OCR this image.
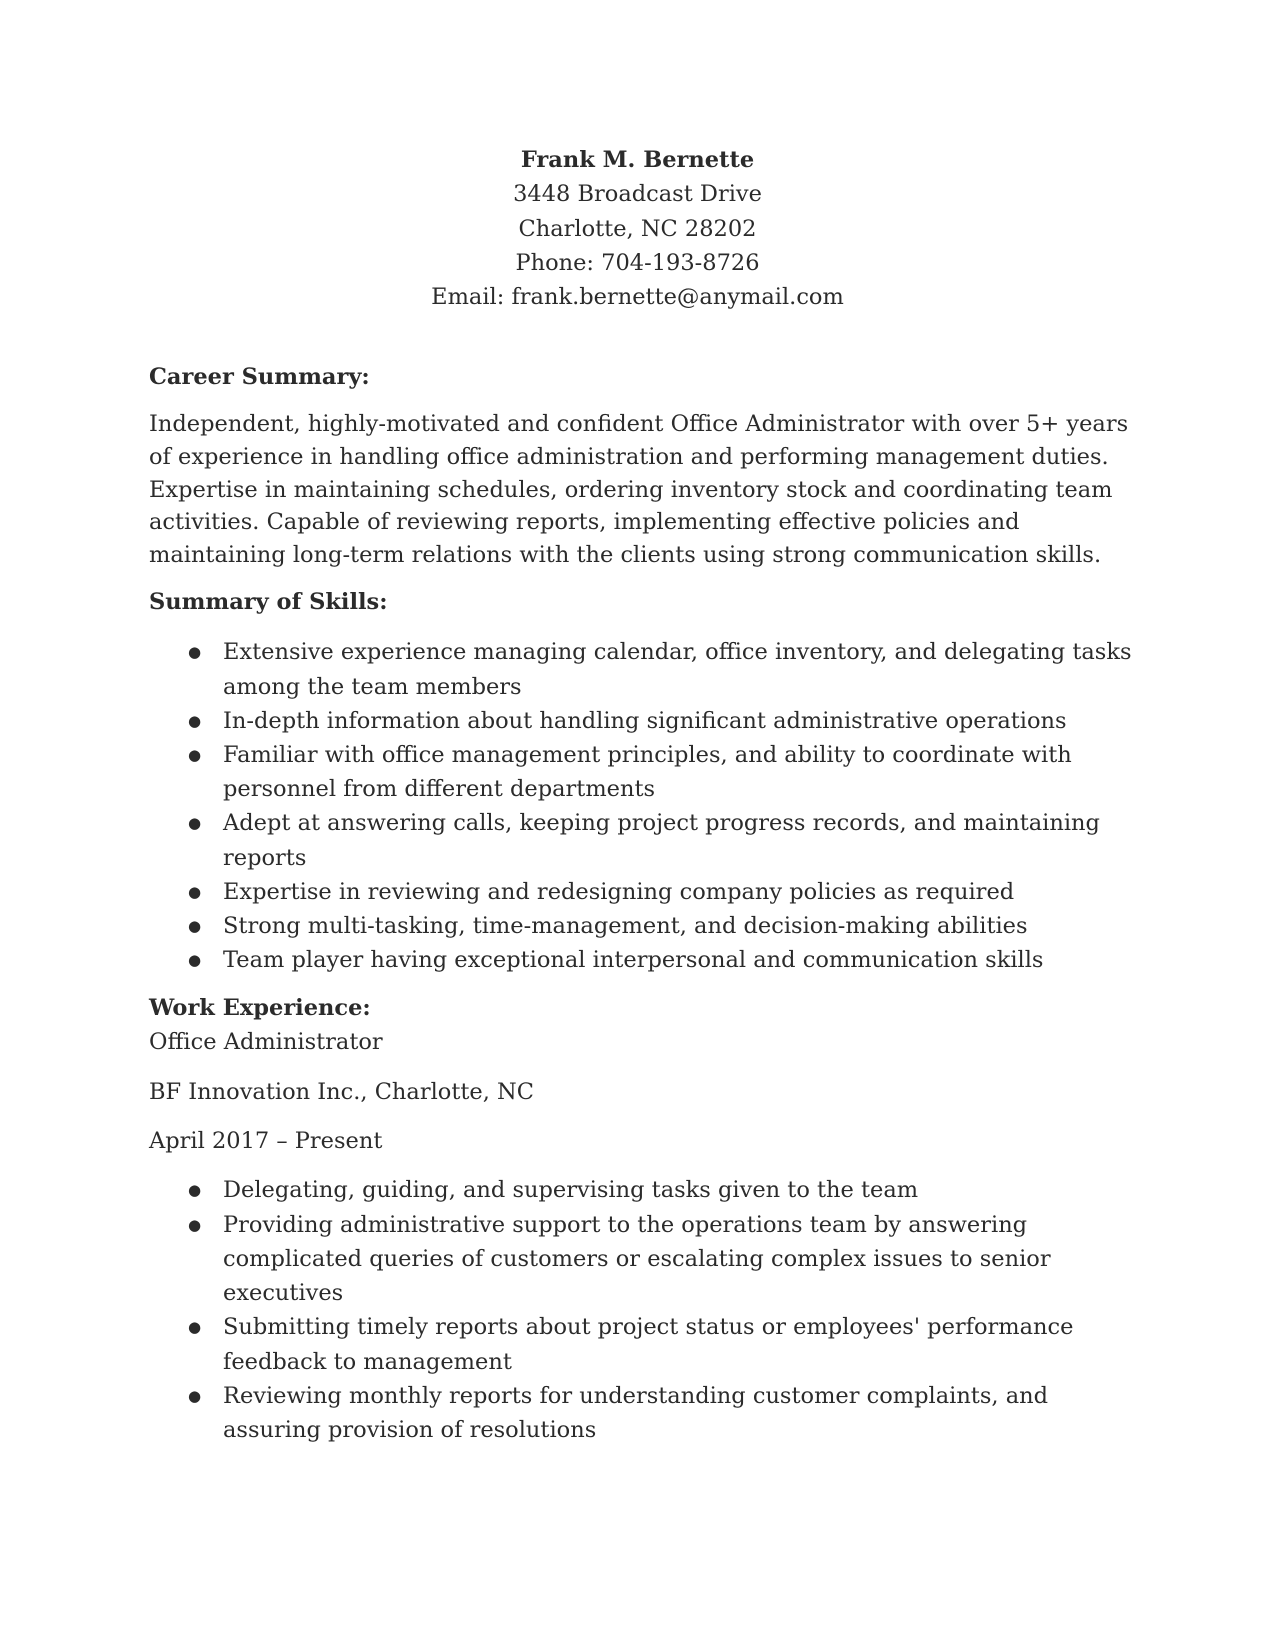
Frank M. Bernette
3448 Broadcast Drive
Charlotte, NC 28202
Phone: 704-193-8726
Email: frank.bernette@anymail.com
Career Summary:

Independent, highly-motivated and confident Office Administrator with over 5+ years of experience in handling office administration and performing management duties. Expertise in maintaining schedules, ordering inventory stock and coordinating team activities. Capable of reviewing reports, implementing effective policies and maintaining long-term relations with the clients using strong communication skills.

Summary of Skills:
● Extensive experience managing calendar, office inventory, and delegating tasks among the team members
● In-depth information about handling significant administrative operations
● Familiar with office management principles, and ability to coordinate with personnel from different departments
● Adept at answering calls, keeping project progress records, and maintaining reports
● Expertise in reviewing and redesigning company policies as required
● Strong multi-tasking, time-management, and decision-making abilities
● Team player having exceptional interpersonal and communication skills
Work Experience:
Office Administrator
BF Innovation Inc., Charlotte, NC
April 2017 – Present
● Delegating, guiding, and supervising tasks given to the team
● Providing administrative support to the operations team by answering complicated queries of customers or escalating complex issues to senior executives
● Submitting timely reports about project status or employees' performance feedback to management
● Reviewing monthly reports for understanding customer complaints, and assuring provision of resolutions
